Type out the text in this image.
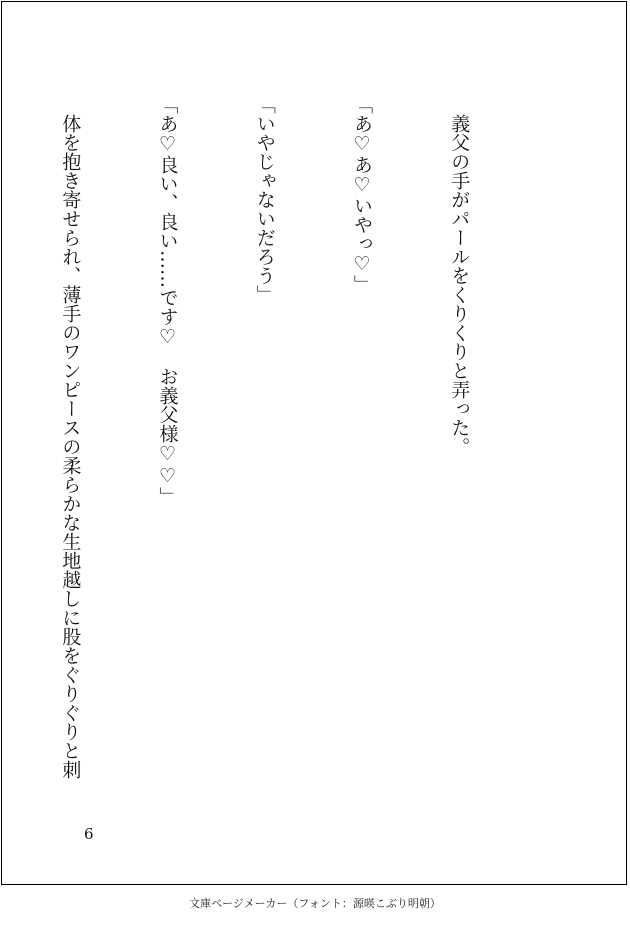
　義父の手がパールをくりくりと弄った。

「あ♡あ♡いやっ♡」

「いやじゃないだろう」

「あ♡良い、良い……です♡　お義父様♡♡」

　体を抱き寄せられ、薄手のワンピースの柔らかな生地越しに股をぐりぐりと刺

6
文庫ページメーカー（フォント：源暎こぶり明朝）
